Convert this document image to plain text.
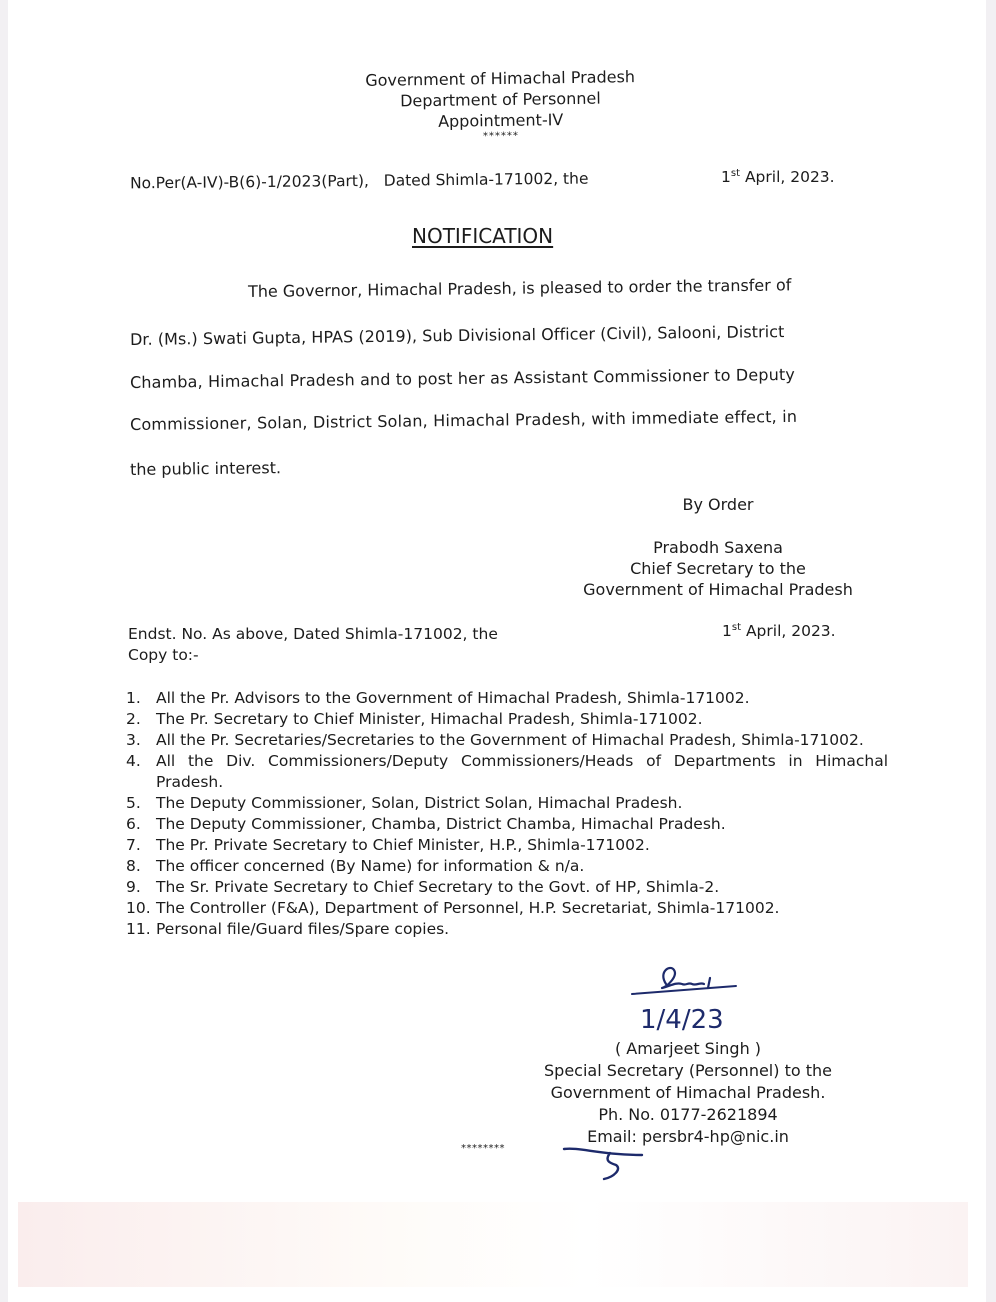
Government of Himachal Pradesh
Department of Personnel
Appointment-IV
******
No.Per(A-IV)-B(6)-1/2023(Part), Dated Shimla-171002, the	1st April, 2023.
NOTIFICATION
The Governor, Himachal Pradesh, is pleased to order the transfer of
Dr. (Ms.) Swati Gupta, HPAS (2019), Sub Divisional Officer (Civil), Salooni, District
Chamba, Himachal Pradesh and to post her as Assistant Commissioner to Deputy
Commissioner, Solan, District Solan, Himachal Pradesh, with immediate effect, in
the public interest.
By Order
Prabodh Saxena
Chief Secretary to the
Government of Himachal Pradesh
Endst. No. As above, Dated Shimla-171002, the
Copy to:-
1st April, 2023.
1. All the Pr. Advisors to the Government of Himachal Pradesh, Shimla-171002.
2. The Pr. Secretary to Chief Minister, Himachal Pradesh, Shimla-171002.
3. All the Pr. Secretaries/Secretaries to the Government of Himachal Pradesh, Shimla-171002.
4. All the Div. Commissioners/Deputy Commissioners/Heads of Departments in Himachal Pradesh.
5. The Deputy Commissioner, Solan, District Solan, Himachal Pradesh.
6. The Deputy Commissioner, Chamba, District Chamba, Himachal Pradesh.
7. The Pr. Private Secretary to Chief Minister, H.P., Shimla-171002.
8. The officer concerned (By Name) for information & n/a.
9. The Sr. Private Secretary to Chief Secretary to the Govt. of HP, Shimla-2.
10. The Controller (F&A), Department of Personnel, H.P. Secretariat, Shimla-171002.
11. Personal file/Guard files/Spare copies.
1/4/23
( Amarjeet Singh )
Special Secretary (Personnel) to the
Government of Himachal Pradesh.
Ph. No. 0177-2621894
Email: persbr4-hp@nic.in
********
